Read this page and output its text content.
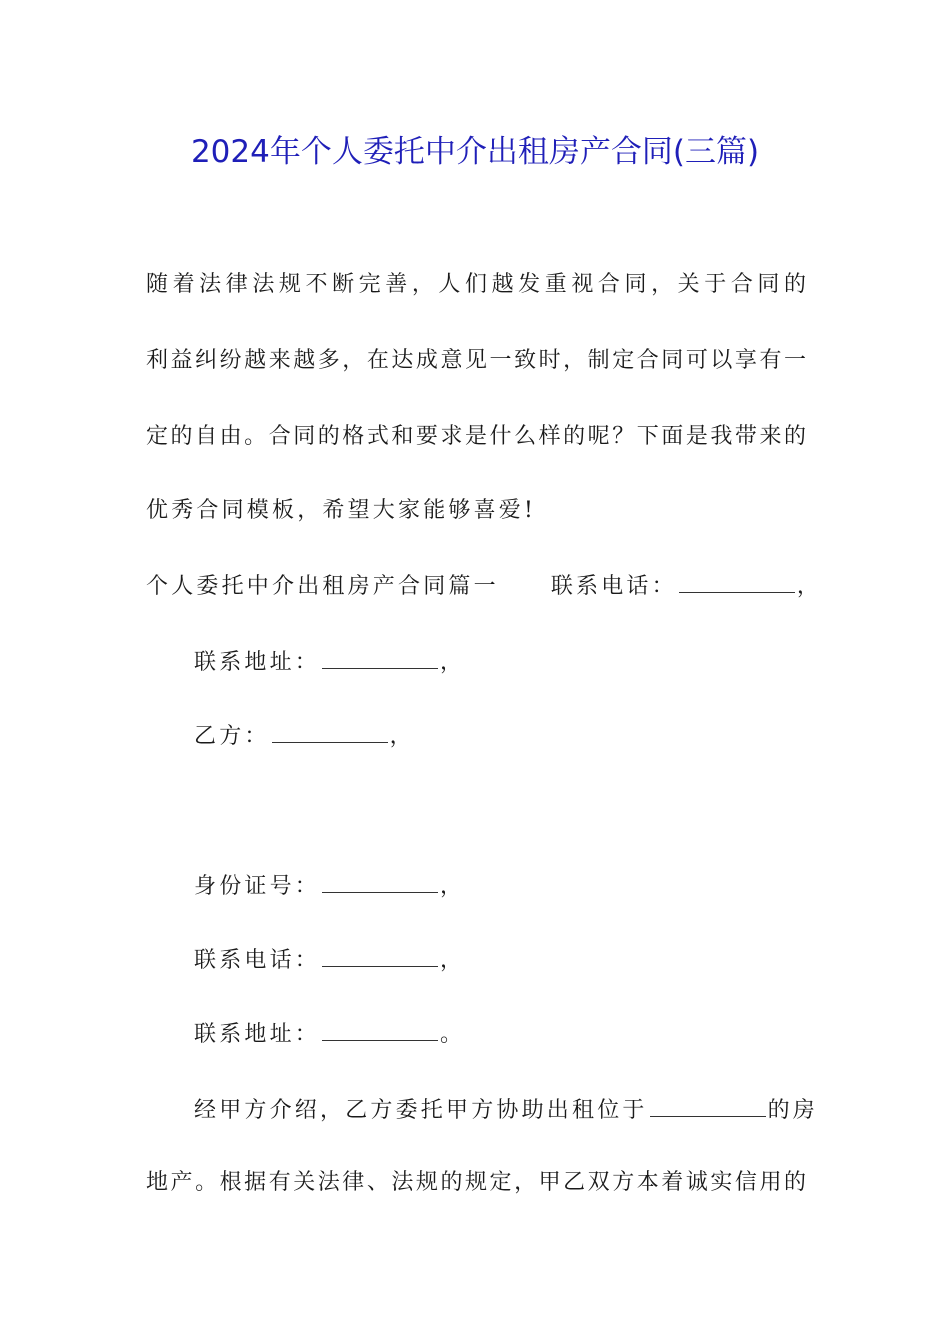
2024年个人委托中介出租房产合同(三篇)
随着法律法规不断完善，人们越发重视合同，关于合同的
利益纠纷越来越多，在达成意见一致时，制定合同可以享有一
定的自由。合同的格式和要求是什么样的呢？下面是我带来的
优秀合同模板，希望大家能够喜爱!
个人委托中介出租房产合同篇一 联系电话：	，
联系地址：	，
乙方：	，
身份证号：	，
联系电话：	，
联系地址：	。
经甲方介绍，乙方委托甲方协助出租位于	的房
地产。根据有关法律、法规的规定，甲乙双方本着诚实信用的
